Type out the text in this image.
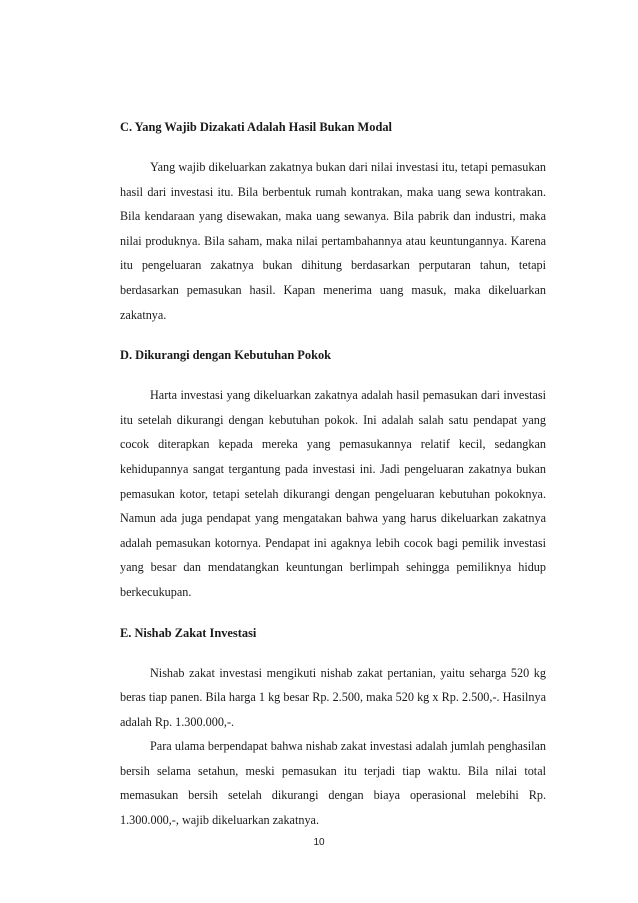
C. Yang Wajib Dizakati Adalah Hasil Bukan Modal

Yang wajib dikeluarkan zakatnya bukan dari nilai investasi itu, tetapi pemasukan hasil dari investasi itu. Bila berbentuk rumah kontrakan, maka uang sewa kontrakan. Bila kendaraan yang disewakan, maka uang sewanya. Bila pabrik dan industri, maka nilai produknya. Bila saham, maka nilai pertambahannya atau keuntungannya. Karena itu pengeluaran zakatnya bukan dihitung berdasarkan perputaran tahun, tetapi berdasarkan pemasukan hasil. Kapan menerima uang masuk, maka dikeluarkan zakatnya.

D. Dikurangi dengan Kebutuhan Pokok

Harta investasi yang dikeluarkan zakatnya adalah hasil pemasukan dari investasi itu setelah dikurangi dengan kebutuhan pokok. Ini adalah salah satu pendapat yang cocok diterapkan kepada mereka yang pemasukannya relatif kecil, sedangkan kehidupannya sangat tergantung pada investasi ini. Jadi pengeluaran zakatnya bukan pemasukan kotor, tetapi setelah dikurangi dengan pengeluaran kebutuhan pokoknya. Namun ada juga pendapat yang mengatakan bahwa yang harus dikeluarkan zakatnya adalah pemasukan kotornya. Pendapat ini agaknya lebih cocok bagi pemilik investasi yang besar dan mendatangkan keuntungan berlimpah sehingga pemiliknya hidup berkecukupan.

E. Nishab Zakat Investasi

Nishab zakat investasi mengikuti nishab zakat pertanian, yaitu seharga 520 kg beras tiap panen. Bila harga 1 kg besar Rp. 2.500, maka 520 kg x Rp. 2.500,-. Hasilnya adalah Rp. 1.300.000,-.

Para ulama berpendapat bahwa nishab zakat investasi adalah jumlah penghasilan bersih selama setahun, meski pemasukan itu terjadi tiap waktu. Bila nilai total memasukan bersih setelah dikurangi dengan biaya operasional melebihi Rp. 1.300.000,-, wajib dikeluarkan zakatnya.

10
